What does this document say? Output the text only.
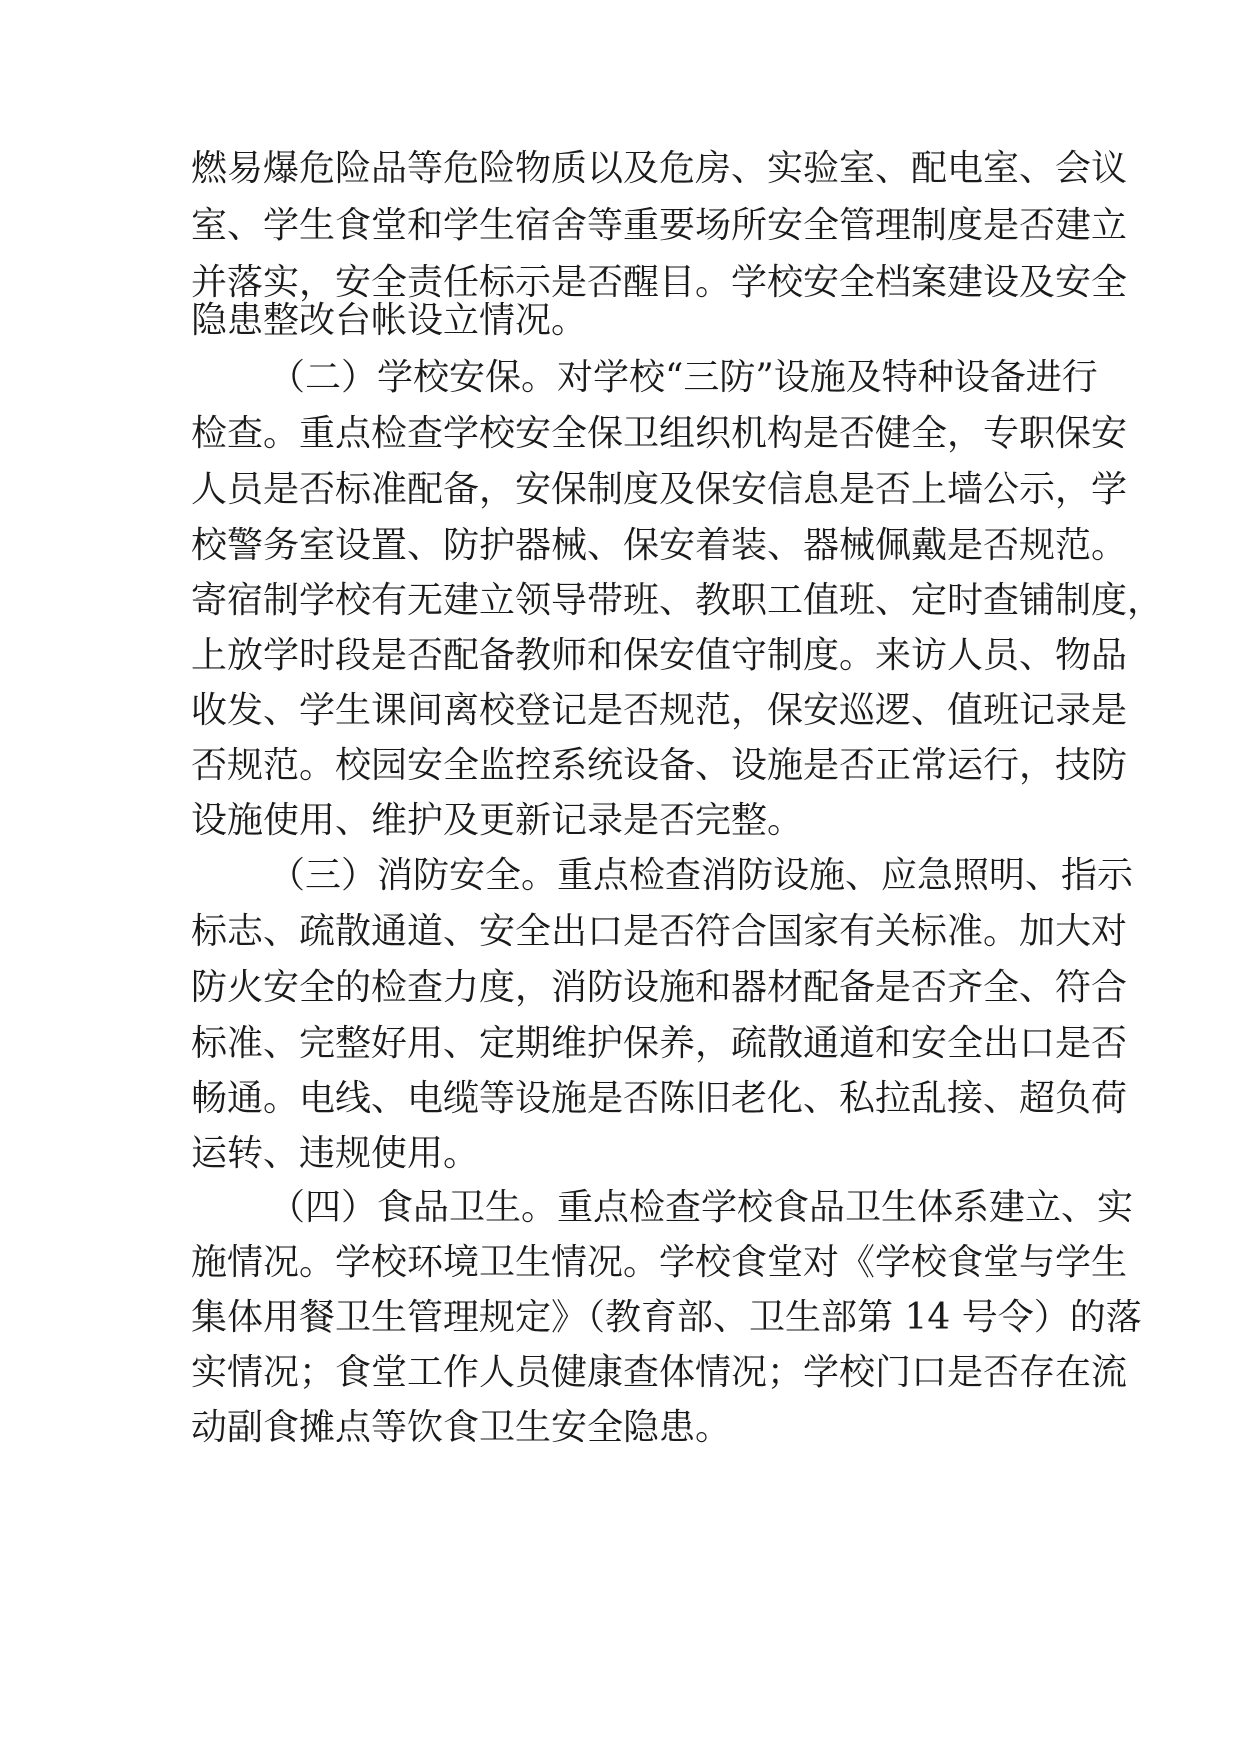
燃易爆危险品等危险物质以及危房、实验室、配电室、会议
室、学生食堂和学生宿舍等重要场所安全管理制度是否建立
并落实，安全责任标示是否醒目。学校安全档案建设及安全
隐患整改台帐设立情况。
（二）学校安保。对学校“三防”设施及特种设备进行
检查。重点检查学校安全保卫组织机构是否健全，专职保安
人员是否标准配备，安保制度及保安信息是否上墙公示，学
校警务室设置、防护器械、保安着装、器械佩戴是否规范。
寄宿制学校有无建立领导带班、教职工值班、定时查铺制度，
上放学时段是否配备教师和保安值守制度。来访人员、物品
收发、学生课间离校登记是否规范，保安巡逻、值班记录是
否规范。校园安全监控系统设备、设施是否正常运行，技防
设施使用、维护及更新记录是否完整。
（三）消防安全。重点检查消防设施、应急照明、指示
标志、疏散通道、安全出口是否符合国家有关标准。加大对
防火安全的检查力度，消防设施和器材配备是否齐全、符合
标准、完整好用、定期维护保养，疏散通道和安全出口是否
畅通。电线、电缆等设施是否陈旧老化、私拉乱接、超负荷
运转、违规使用。
（四）食品卫生。重点检查学校食品卫生体系建立、实
施情况。学校环境卫生情况。学校食堂对《学校食堂与学生
集体用餐卫生管理规定》（教育部、卫生部第 14 号令）的落
实情况；食堂工作人员健康查体情况；学校门口是否存在流
动副食摊点等饮食卫生安全隐患。
